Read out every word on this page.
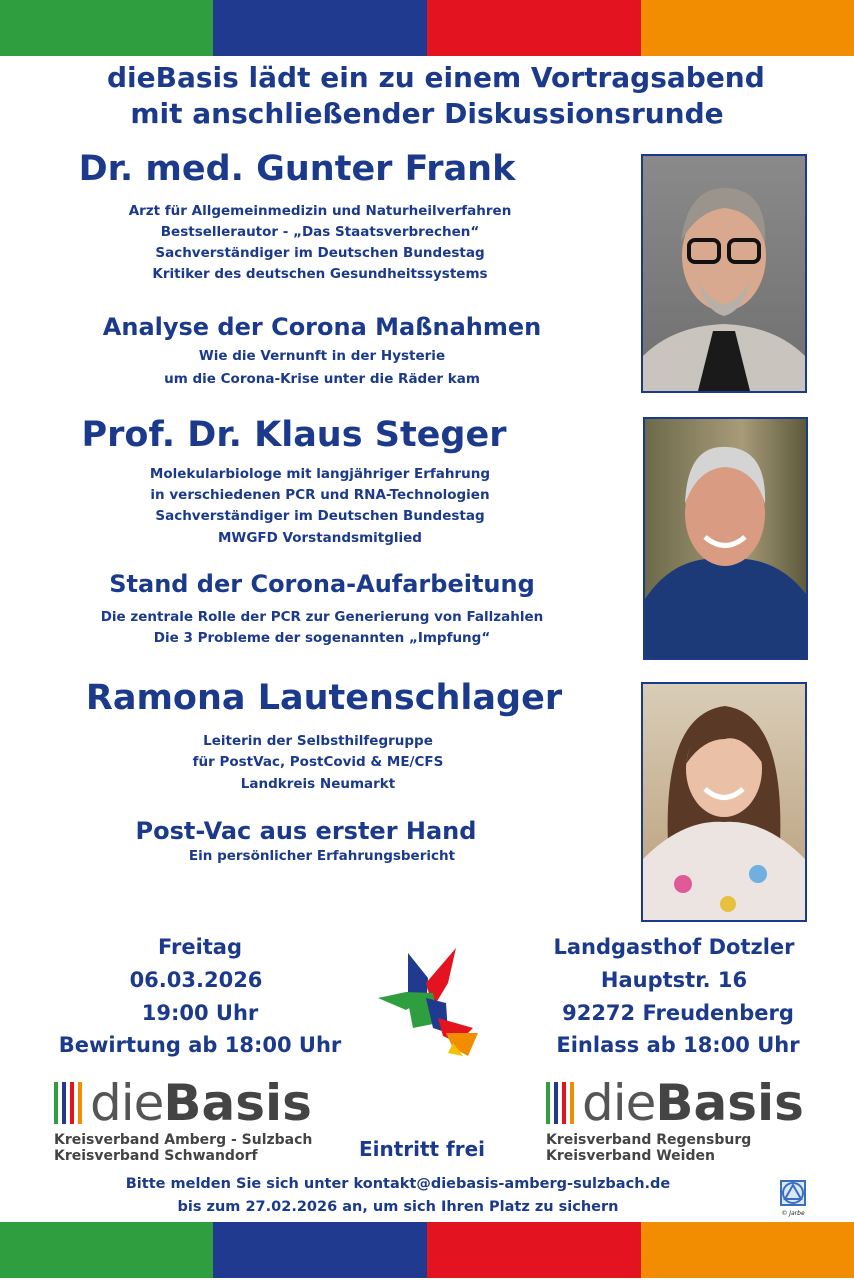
dieBasis lädt ein zu einem Vortragsabend
mit anschließender Diskussionsrunde
Dr. med. Gunter Frank
Arzt für Allgemeinmedizin und Naturheilverfahren
Bestsellerautor - „Das Staatsverbrechen“
Sachverständiger im Deutschen Bundestag
Kritiker des deutschen Gesundheitssystems
Analyse der Corona Maßnahmen
Wie die Vernunft in der Hysterie
um die Corona-Krise unter die Räder kam
Prof. Dr. Klaus Steger
Molekularbiologe mit langjähriger Erfahrung
in verschiedenen PCR und RNA-Technologien
Sachverständiger im Deutschen Bundestag
MWGFD Vorstandsmitglied
Stand der Corona-Aufarbeitung
Die zentrale Rolle der PCR zur Generierung von Fallzahlen
Die 3 Probleme der sogenannten „Impfung“
Ramona Lautenschlager
Leiterin der Selbsthilfegruppe
für PostVac, PostCovid & ME/CFS
Landkreis Neumarkt
Post-Vac aus erster Hand
Ein persönlicher Erfahrungsbericht
Freitag
06.03.2026
19:00 Uhr
Bewirtung ab 18:00 Uhr
Landgasthof Dotzler
Hauptstr. 16
92272 Freudenberg
Einlass ab 18:00 Uhr
dieBasis
Kreisverband Amberg - Sulzbach
Kreisverband Schwandorf
dieBasis
Kreisverband Regensburg
Kreisverband Weiden
Eintritt frei
Bitte melden Sie sich unter kontakt@diebasis-amberg-sulzbach.de
bis zum 27.02.2026 an, um sich Ihren Platz zu sichern	© Jarbe
